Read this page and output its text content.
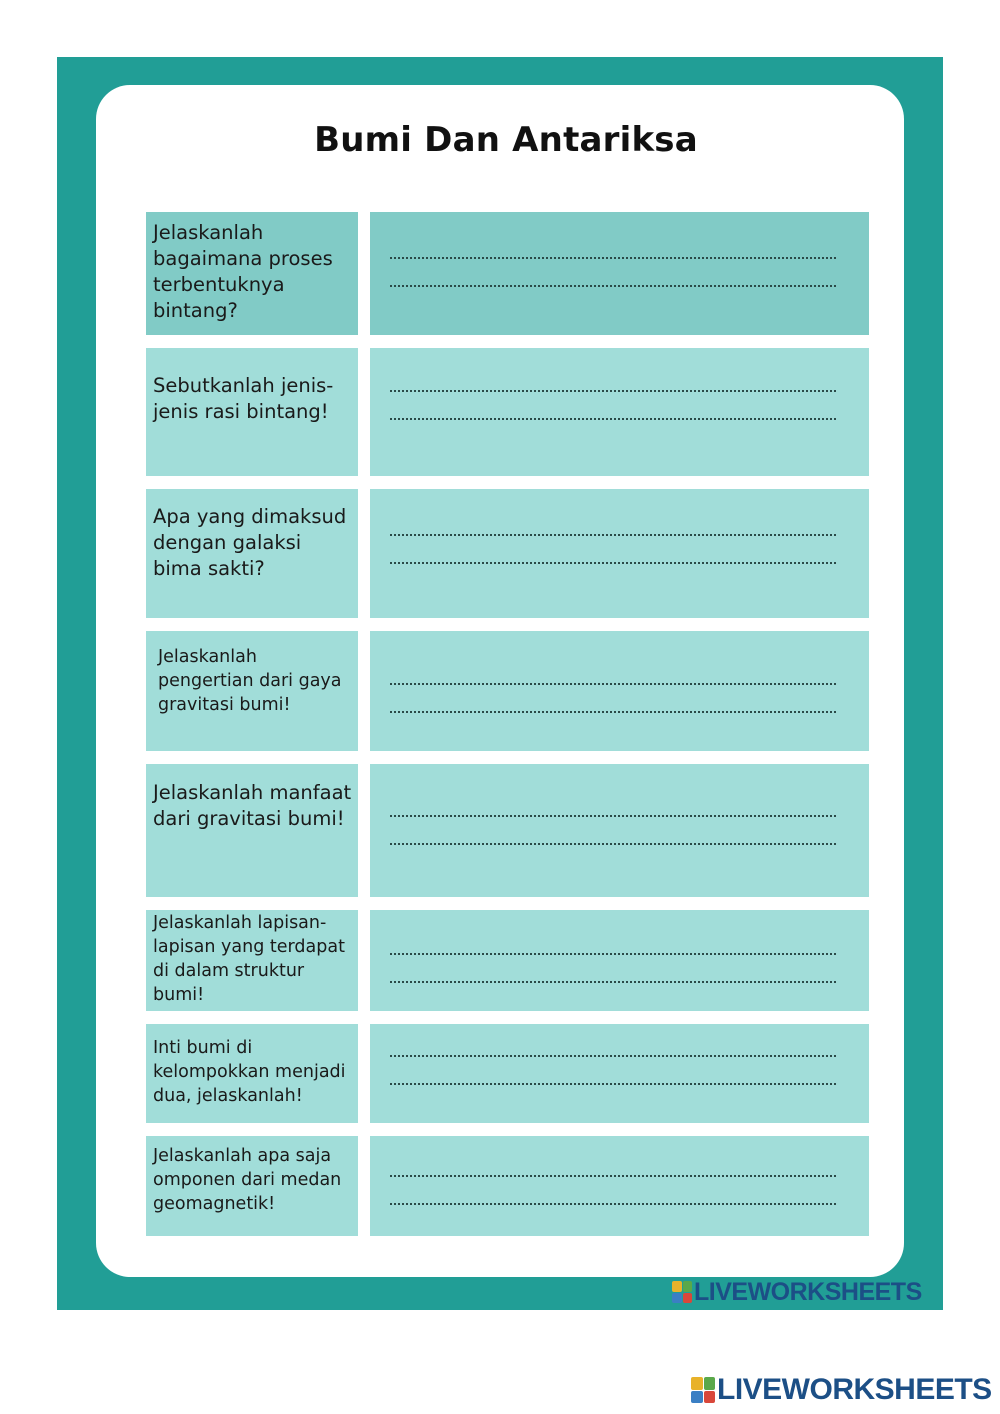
Bumi Dan Antariksa
Jelaskanlah bagaimana proses terbentuknya bintang?
Sebutkanlah jenis-jenis rasi bintang!
Apa yang dimaksud dengan galaksi bima sakti?
Jelaskanlah pengertian dari gaya gravitasi bumi!
Jelaskanlah manfaat dari gravitasi bumi!
Jelaskanlah lapisan-lapisan yang terdapat di dalam struktur bumi!
Inti bumi di kelompokkan menjadi dua, jelaskanlah!
Jelaskanlah apa saja omponen dari medan geomagnetik!
LIVEWORKSHEETS
LIVEWORKSHEETS
